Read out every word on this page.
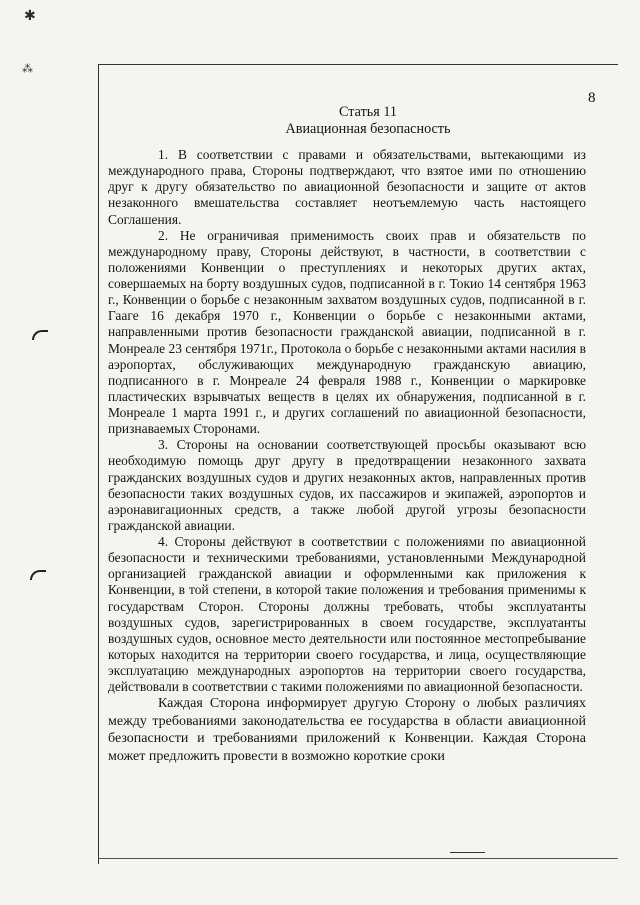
✱
⁂
8
Статья 11
Авиационная безопасность

1. В соответствии с правами и обязательствами, вытекающими из международного права, Стороны подтверждают, что взятое ими по отношению друг к другу обязательство по авиационной безопасности и защите от актов незаконного вмешательства составляет неотъемлемую часть настоящего Соглашения.

2. Не ограничивая применимость своих прав и обязательств по международному праву, Стороны действуют, в частности, в соответствии с положениями Конвенции о преступлениях и некоторых других актах, совершаемых на борту воздушных судов, подписанной в г. Токио 14 сентября 1963 г., Конвенции о борьбе с незаконным захватом воздушных судов, подписанной в г. Гааге 16 декабря 1970 г., Конвенции о борьбе с незаконными актами, направленными против безопасности гражданской авиации, подписанной в г. Монреале 23 сентября 1971г., Протокола о борьбе с незаконными актами насилия в аэропортах, обслуживающих международную гражданскую авиацию, подписанного в г. Монреале 24 февраля 1988 г., Конвенции о маркировке пластических взрывчатых веществ в целях их обнаружения, подписанной в г. Монреале 1 марта 1991 г., и других соглашений по авиационной безопасности, признаваемых Сторонами.

3. Стороны на основании соответствующей просьбы оказывают всю необходимую помощь друг другу в предотвращении незаконного захвата гражданских воздушных судов и других незаконных актов, направленных против безопасности таких воздушных судов, их пассажиров и экипажей, аэропортов и аэронавигационных средств, а также любой другой угрозы безопасности гражданской авиации.

4. Стороны действуют в соответствии с положениями по авиационной безопасности и техническими требованиями, установленными Международной организацией гражданской авиации и оформленными как приложения к Конвенции, в той степени, в которой такие положения и требования применимы к государствам Сторон. Стороны должны требовать, чтобы эксплуатанты воздушных судов, зарегистрированных в своем государстве, эксплуатанты воздушных судов, основное место деятельности или постоянное местопребывание которых находится на территории своего государства, и лица, осуществляющие эксплуатацию международных аэропортов на территории своего государства, действовали в соответствии с такими положениями по авиационной безопасности.

Каждая Сторона информирует другую Сторону о любых различиях между требованиями законодательства ее государства в области авиационной безопасности и требованиями приложений к Конвенции. Каждая Сторона может предложить провести в возможно короткие сроки
